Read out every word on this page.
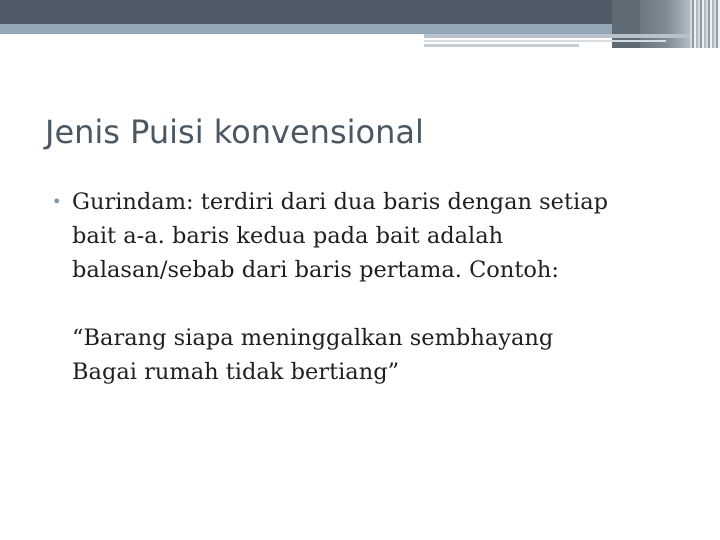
Jenis Puisi konvensional
• Gurindam: terdiri dari dua baris dengan setiap
bait a-a. baris kedua pada bait adalah
balasan/sebab dari baris pertama. Contoh:
“Barang siapa meninggalkan sembhayang
Bagai rumah tidak bertiang”
